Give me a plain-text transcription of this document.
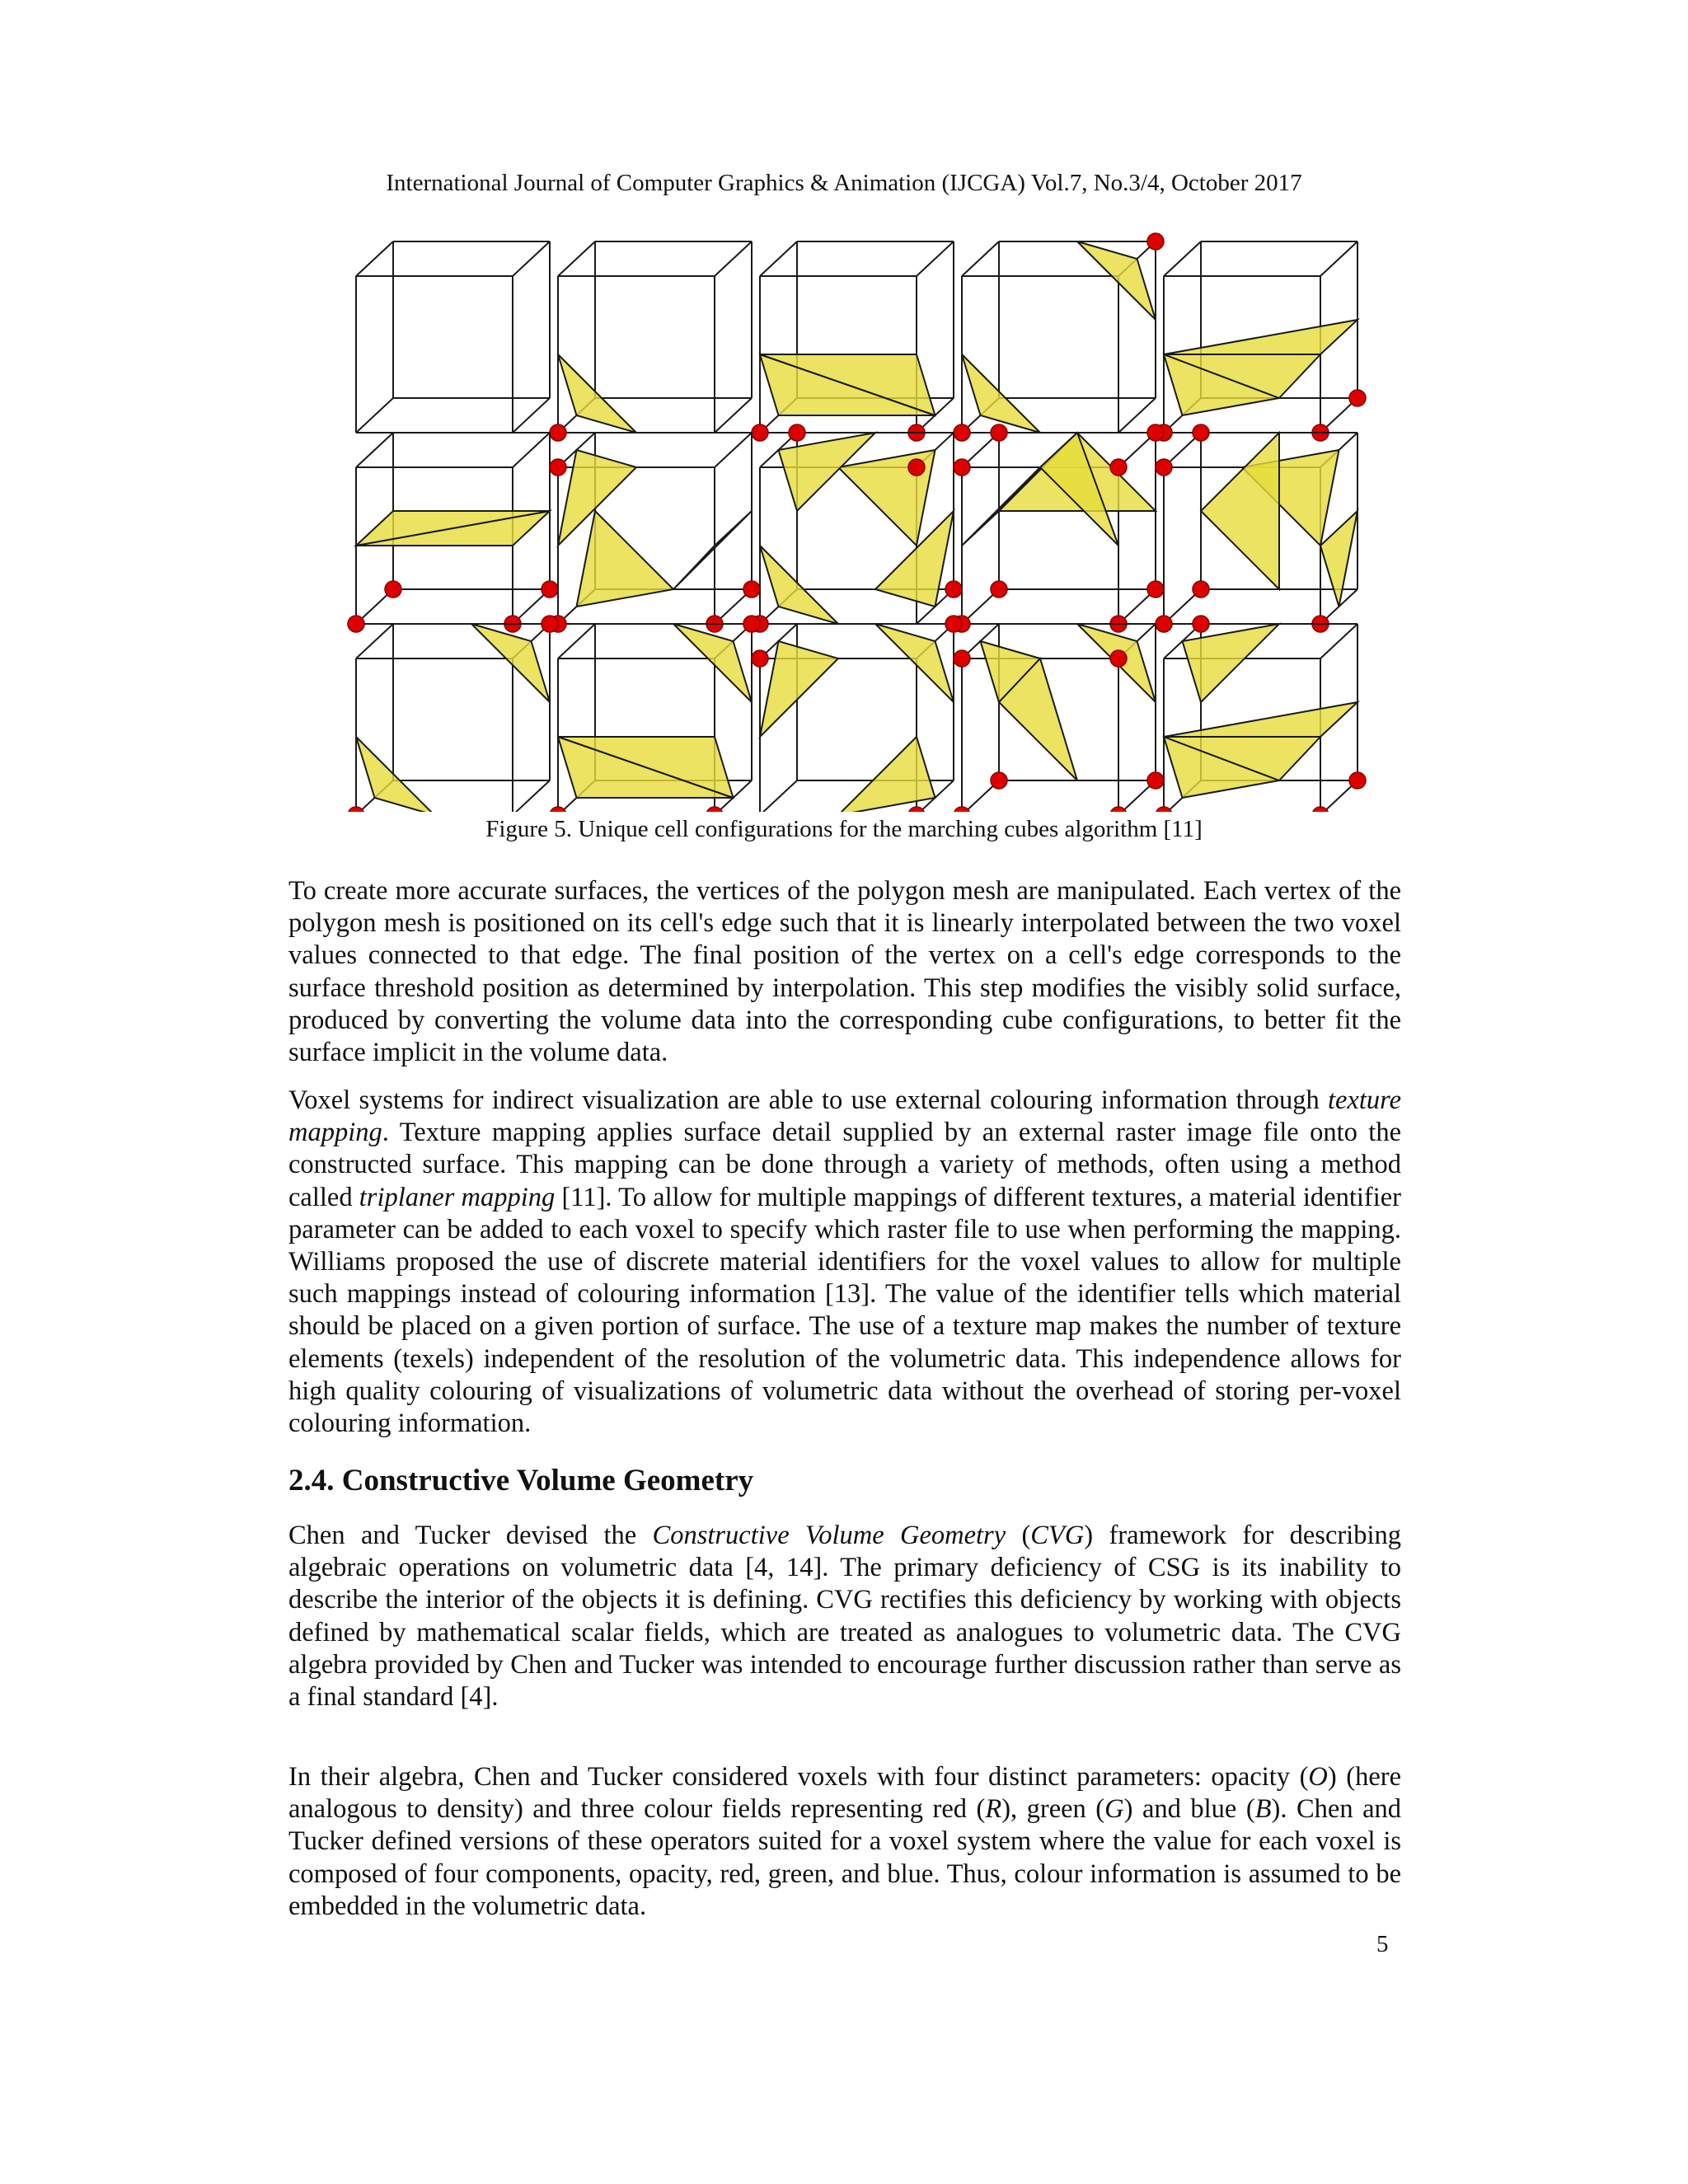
International Journal of Computer Graphics & Animation (IJCGA) Vol.7, No.3/4, October 2017
Figure 5. Unique cell configurations for the marching cubes algorithm [11]

To create more accurate surfaces, the vertices of the polygon mesh are manipulated. Each vertex of the polygon mesh is positioned on its cell's edge such that it is linearly interpolated between the two voxel values connected to that edge. The final position of the vertex on a cell's edge corresponds to the surface threshold position as determined by interpolation. This step modifies the visibly solid surface, produced by converting the volume data into the corresponding cube configurations, to better fit the surface implicit in the volume data.

Voxel systems for indirect visualization are able to use external colouring information through texture mapping. Texture mapping applies surface detail supplied by an external raster image file onto the constructed surface. This mapping can be done through a variety of methods, often using a method called triplaner mapping [11]. To allow for multiple mappings of different textures, a material identifier parameter can be added to each voxel to specify which raster file to use when performing the mapping. Williams proposed the use of discrete material identifiers for the voxel values to allow for multiple such mappings instead of colouring information [13]. The value of the identifier tells which material should be placed on a given portion of surface. The use of a texture map makes the number of texture elements (texels) independent of the resolution of the volumetric data. This independence allows for high quality colouring of visualizations of volumetric data without the overhead of storing per-voxel colouring information.

2.4. Constructive Volume Geometry

Chen and Tucker devised the Constructive Volume Geometry (CVG) framework for describing algebraic operations on volumetric data [4, 14]. The primary deficiency of CSG is its inability to describe the interior of the objects it is defining. CVG rectifies this deficiency by working with objects defined by mathematical scalar fields, which are treated as analogues to volumetric data. The CVG algebra provided by Chen and Tucker was intended to encourage further discussion rather than serve as a final standard [4].

In their algebra, Chen and Tucker considered voxels with four distinct parameters: opacity (O) (here analogous to density) and three colour fields representing red (R), green (G) and blue (B). Chen and Tucker defined versions of these operators suited for a voxel system where the value for each voxel is composed of four components, opacity, red, green, and blue. Thus, colour information is assumed to be embedded in the volumetric data.

5
